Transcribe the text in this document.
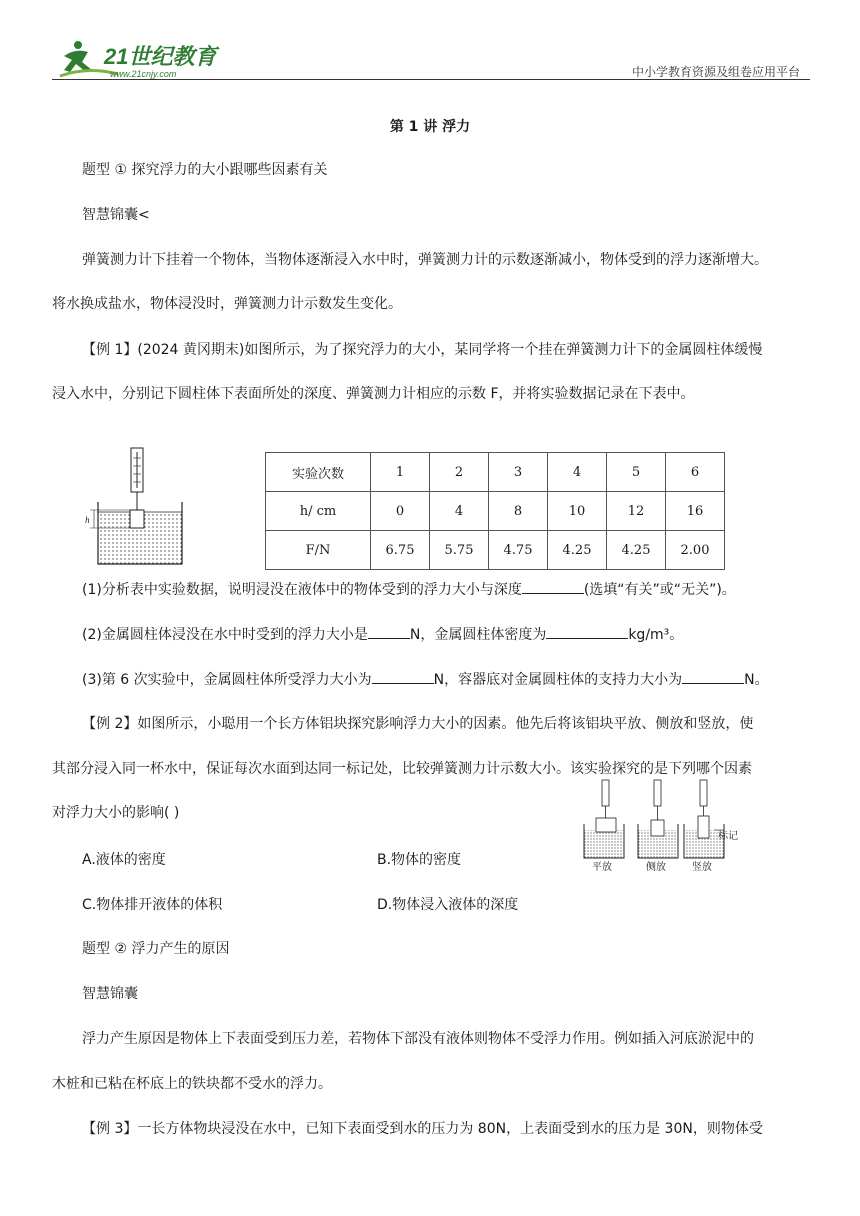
21世纪教育
www.21cnjy.com	中小学教育资源及组卷应用平台
第 1 讲 浮力
题型 ① 探究浮力的大小跟哪些因素有关
智慧锦囊<
弹簧测力计下挂着一个物体，当物体逐渐浸入水中时，弹簧测力计的示数逐渐减小，物体受到的浮力逐渐增大。
将水换成盐水，物体浸没时，弹簧测力计示数发生变化。
【例 1】(2024 黄冈期末)如图所示，为了探究浮力的大小，某同学将一个挂在弹簧测力计下的金属圆柱体缓慢
浸入水中，分别记下圆柱体下表面所处的深度、弹簧测力计相应的示数 F，并将实验数据记录在下表中。
h
实验次数	1	2	3	4	5	6
h/ cm	0	4	8	10	12	16
F/N	6.75	5.75	4.75	4.25	4.25	2.00
(1)分析表中实验数据，说明浸没在液体中的物体受到的浮力大小与深度	(选填“有关”或“无关”)。
(2)金属圆柱体浸没在水中时受到的浮力大小是	N，金属圆柱体密度为	kg/m³。
(3)第 6 次实验中，金属圆柱体所受浮力大小为	N，容器底对金属圆柱体的支持力大小为	N。
【例 2】如图所示，小聪用一个长方体铝块探究影响浮力大小的因素。他先后将该铝块平放、侧放和竖放，使
其部分浸入同一杯水中，保证每次水面到达同一标记处，比较弹簧测力计示数大小。该实验探究的是下列哪个因素
对浮力大小的影响( )
标记
平放	侧放	竖放
A.液体的密度	B.物体的密度
C.物体排开液体的体积	D.物体浸入液体的深度
题型 ② 浮力产生的原因
智慧锦囊
浮力产生原因是物体上下表面受到压力差，若物体下部没有液体则物体不受浮力作用。例如插入河底淤泥中的
木桩和已粘在杯底上的铁块都不受水的浮力。
【例 3】一长方体物块浸没在水中，已知下表面受到水的压力为 80N，上表面受到水的压力是 30N，则物体受
